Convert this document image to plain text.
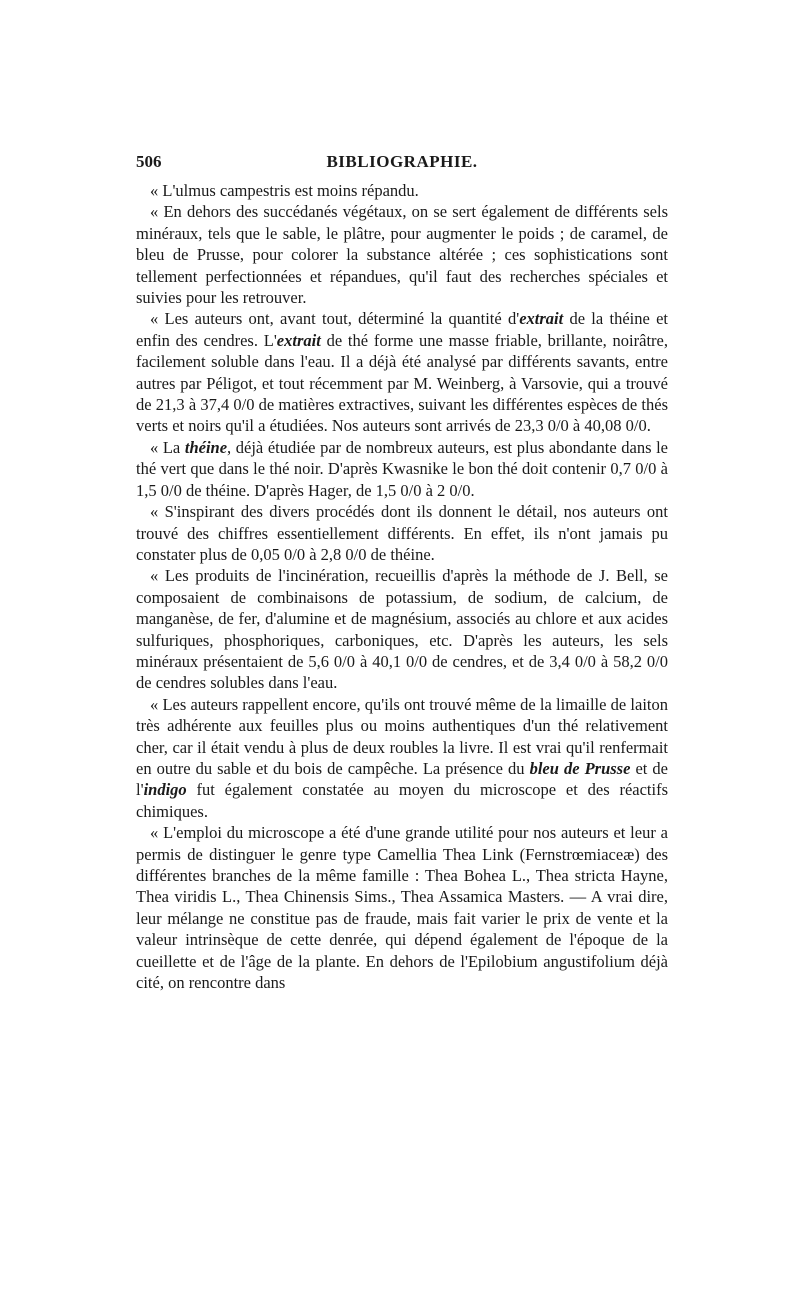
506	BIBLIOGRAPHIE.

« L'ulmus campestris est moins répandu.

« En dehors des succédanés végétaux, on se sert également de différents sels minéraux, tels que le sable, le plâtre, pour augmenter le poids ; de caramel, de bleu de Prusse, pour colorer la substance altérée ; ces sophistications sont tellement perfectionnées et répandues, qu'il faut des recherches spéciales et suivies pour les retrouver.

« Les auteurs ont, avant tout, déterminé la quantité d'extrait de la théine et enfin des cendres. L'extrait de thé forme une masse friable, brillante, noirâtre, facilement soluble dans l'eau. Il a déjà été analysé par différents savants, entre autres par Péligot, et tout récemment par M. Weinberg, à Varsovie, qui a trouvé de 21,3 à 37,4 0/0 de matières extractives, suivant les différentes espèces de thés verts et noirs qu'il a étudiées. Nos auteurs sont arrivés de 23,3 0/0 à 40,08 0/0.

« La théine, déjà étudiée par de nombreux auteurs, est plus abondante dans le thé vert que dans le thé noir. D'après Kwasnike le bon thé doit contenir 0,7 0/0 à 1,5 0/0 de théine. D'après Hager, de 1,5 0/0 à 2 0/0.

« S'inspirant des divers procédés dont ils donnent le détail, nos auteurs ont trouvé des chiffres essentiellement différents. En effet, ils n'ont jamais pu constater plus de 0,05 0/0 à 2,8 0/0 de théine.

« Les produits de l'incinération, recueillis d'après la méthode de J. Bell, se composaient de combinaisons de potassium, de sodium, de calcium, de manganèse, de fer, d'alumine et de magnésium, associés au chlore et aux acides sulfuriques, phosphoriques, carboniques, etc. D'après les auteurs, les sels minéraux présentaient de 5,6 0/0 à 40,1 0/0 de cendres, et de 3,4 0/0 à 58,2 0/0 de cendres solubles dans l'eau.

« Les auteurs rappellent encore, qu'ils ont trouvé même de la limaille de laiton très adhérente aux feuilles plus ou moins authentiques d'un thé relativement cher, car il était vendu à plus de deux roubles la livre. Il est vrai qu'il renfermait en outre du sable et du bois de campêche. La présence du bleu de Prusse et de l'indigo fut également constatée au moyen du microscope et des réactifs chimiques.

« L'emploi du microscope a été d'une grande utilité pour nos auteurs et leur a permis de distinguer le genre type Camellia Thea Link (Fernstrœmiaceæ) des différentes branches de la même famille : Thea Bohea L., Thea stricta Hayne, Thea viridis L., Thea Chinensis Sims., Thea Assamica Masters. — A vrai dire, leur mélange ne constitue pas de fraude, mais fait varier le prix de vente et la valeur intrinsèque de cette denrée, qui dépend également de l'époque de la cueillette et de l'âge de la plante. En dehors de l'Epilobium angustifolium déjà cité, on rencontre dans
